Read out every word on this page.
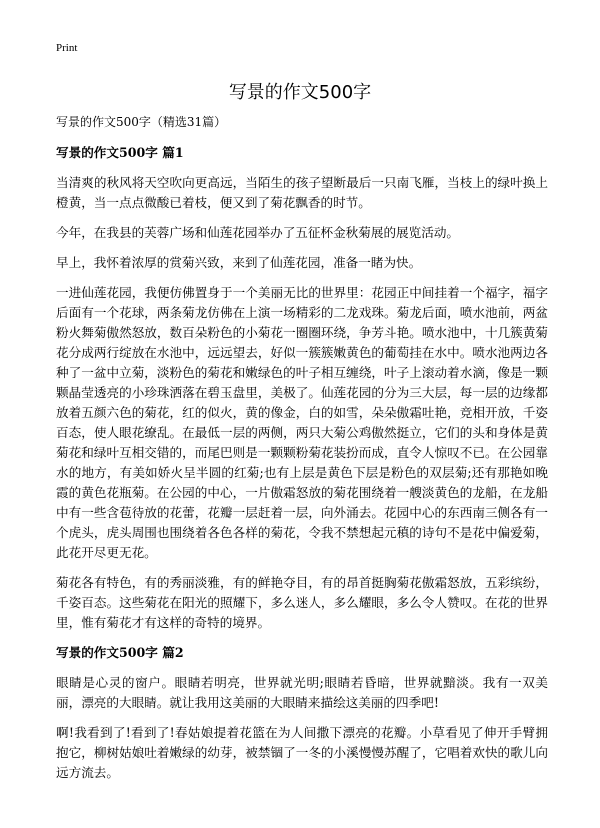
Print
写景的作文500字

写景的作文500字（精选31篇）

写景的作文500字 篇1

当清爽的秋风将天空吹向更高远，当陌生的孩子望断最后一只南飞雁，当枝上的绿叶换上橙黄，当一点点微酸已着枝，便又到了菊花飘香的时节。

今年，在我县的芙蓉广场和仙莲花园举办了五征杯金秋菊展的展览活动。

早上，我怀着浓厚的赏菊兴致，来到了仙莲花园，准备一睹为快。

一进仙莲花园，我便仿佛置身于一个美丽无比的世界里：花园正中间挂着一个福字，福字后面有一个花球，两条菊龙仿佛在上演一场精彩的二龙戏珠。菊龙后面，喷水池前，两盆粉火舞菊傲然怒放，数百朵粉色的小菊花一圈圈环绕，争芳斗艳。喷水池中，十几簇黄菊花分成两行绽放在水池中，远远望去，好似一簇簇嫩黄色的葡萄挂在水中。喷水池两边各种了一盆中立菊，淡粉色的菊花和嫩绿色的叶子相互缠绕，叶子上滚动着水滴，像是一颗颗晶莹透亮的小珍珠洒落在碧玉盘里，美极了。仙莲花园的分为三大层，每一层的边缘都放着五颜六色的菊花，红的似火，黄的像金，白的如雪，朵朵傲霜吐艳，竞相开放，千姿百态，使人眼花缭乱。在最低一层的两侧，两只大菊公鸡傲然挺立，它们的头和身体是黄菊花和绿叶互相交错的，而尾巴则是一颗颗粉菊花装扮而成，直令人惊叹不已。在公园靠水的地方，有美如娇火呈半圆的红菊;也有上层是黄色下层是粉色的双层菊;还有那艳如晚霞的黄色花瓶菊。在公园的中心，一片傲霜怒放的菊花围绕着一艘淡黄色的龙船，在龙船中有一些含苞待放的花蕾，花瓣一层赶着一层，向外涌去。花园中心的东西南三侧各有一个虎头，虎头周围也围绕着各色各样的菊花，令我不禁想起元稹的诗句不是花中偏爱菊，此花开尽更无花。

菊花各有特色，有的秀丽淡雅，有的鲜艳夺目，有的昂首挺胸菊花傲霜怒放，五彩缤纷，千姿百态。这些菊花在阳光的照耀下，多么迷人，多么耀眼，多么令人赞叹。在花的世界里，惟有菊花才有这样的奇特的境界。

写景的作文500字 篇2

眼睛是心灵的窗户。眼睛若明亮，世界就光明;眼睛若昏暗，世界就黯淡。我有一双美丽，漂亮的大眼睛。就让我用这美丽的大眼睛来描绘这美丽的四季吧!

啊!我看到了!看到了!春姑娘提着花篮在为人间撒下漂亮的花瓣。小草看见了伸开手臂拥抱它，柳树姑娘吐着嫩绿的幼芽，被禁锢了一冬的小溪慢慢苏醒了，它唱着欢快的歌儿向远方流去。
